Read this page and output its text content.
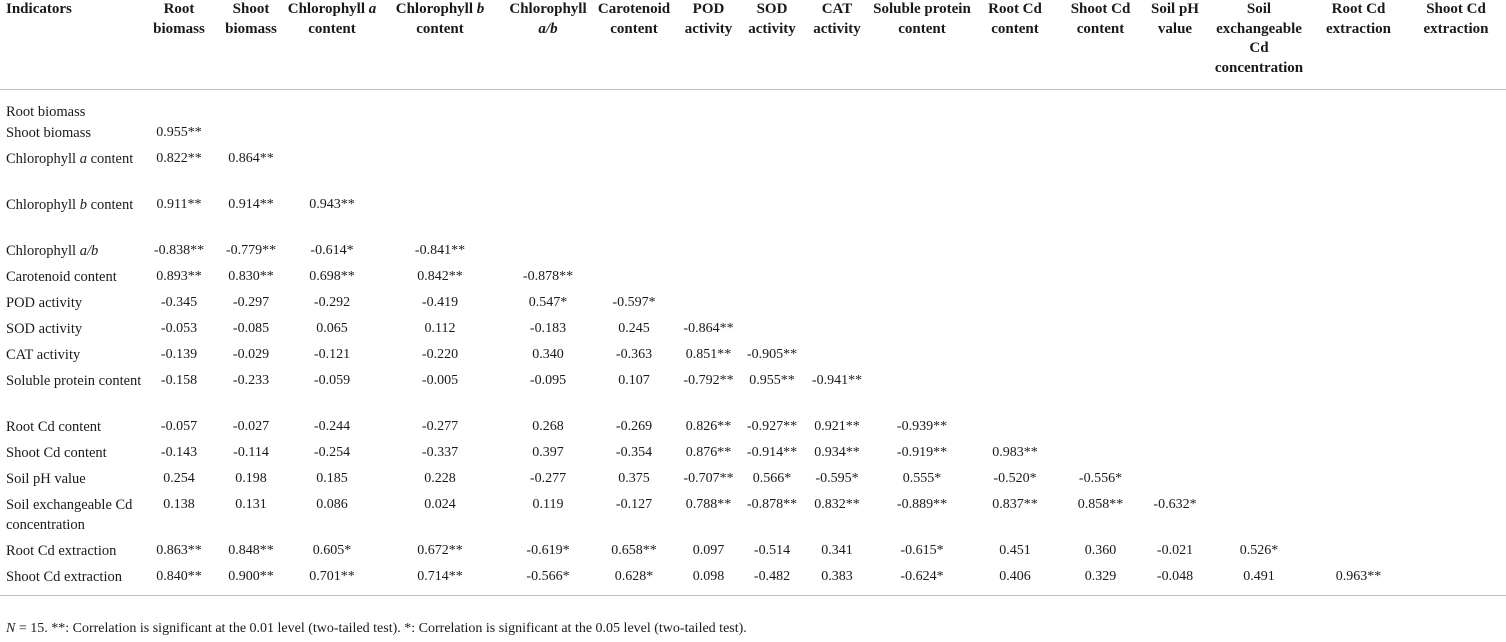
Indicators	Root biomass	Shoot biomass	Chlorophyll a content	Chlorophyll b content	Chlorophyll a/b	Carotenoid content	POD activity	SOD activity	CAT activity	Soluble protein content	Root Cd content	Shoot Cd content	Soil pH value	Soil exchangeable Cd concentration	Root Cd extraction	Shoot Cd extraction
Root biomass																
Shoot biomass	0.955**															
Chlorophyll a content	0.822**	0.864**														
Chlorophyll b content	0.911**	0.914**	0.943**													
Chlorophyll a/b	-0.838**	-0.779**	-0.614*	-0.841**												
Carotenoid content	0.893**	0.830**	0.698**	0.842**	-0.878**											
POD activity	-0.345	-0.297	-0.292	-0.419	0.547*	-0.597*										
SOD activity	-0.053	-0.085	0.065	0.112	-0.183	0.245	-0.864**									
CAT activity	-0.139	-0.029	-0.121	-0.220	0.340	-0.363	0.851**	-0.905**								
Soluble protein content	-0.158	-0.233	-0.059	-0.005	-0.095	0.107	-0.792**	0.955**	-0.941**							
Root Cd content	-0.057	-0.027	-0.244	-0.277	0.268	-0.269	0.826**	-0.927**	0.921**	-0.939**						
Shoot Cd content	-0.143	-0.114	-0.254	-0.337	0.397	-0.354	0.876**	-0.914**	0.934**	-0.919**	0.983**					
Soil pH value	0.254	0.198	0.185	0.228	-0.277	0.375	-0.707**	0.566*	-0.595*	0.555*	-0.520*	-0.556*				
Soil exchangeable Cd concentration	0.138	0.131	0.086	0.024	0.119	-0.127	0.788**	-0.878**	0.832**	-0.889**	0.837**	0.858**	-0.632*			
Root Cd extraction	0.863**	0.848**	0.605*	0.672**	-0.619*	0.658**	0.097	-0.514	0.341	-0.615*	0.451	0.360	-0.021	0.526*		
Shoot Cd extraction	0.840**	0.900**	0.701**	0.714**	-0.566*	0.628*	0.098	-0.482	0.383	-0.624*	0.406	0.329	-0.048	0.491	0.963**	
N = 15. **: Correlation is significant at the 0.01 level (two-tailed test). *: Correlation is significant at the 0.05 level (two-tailed test).
